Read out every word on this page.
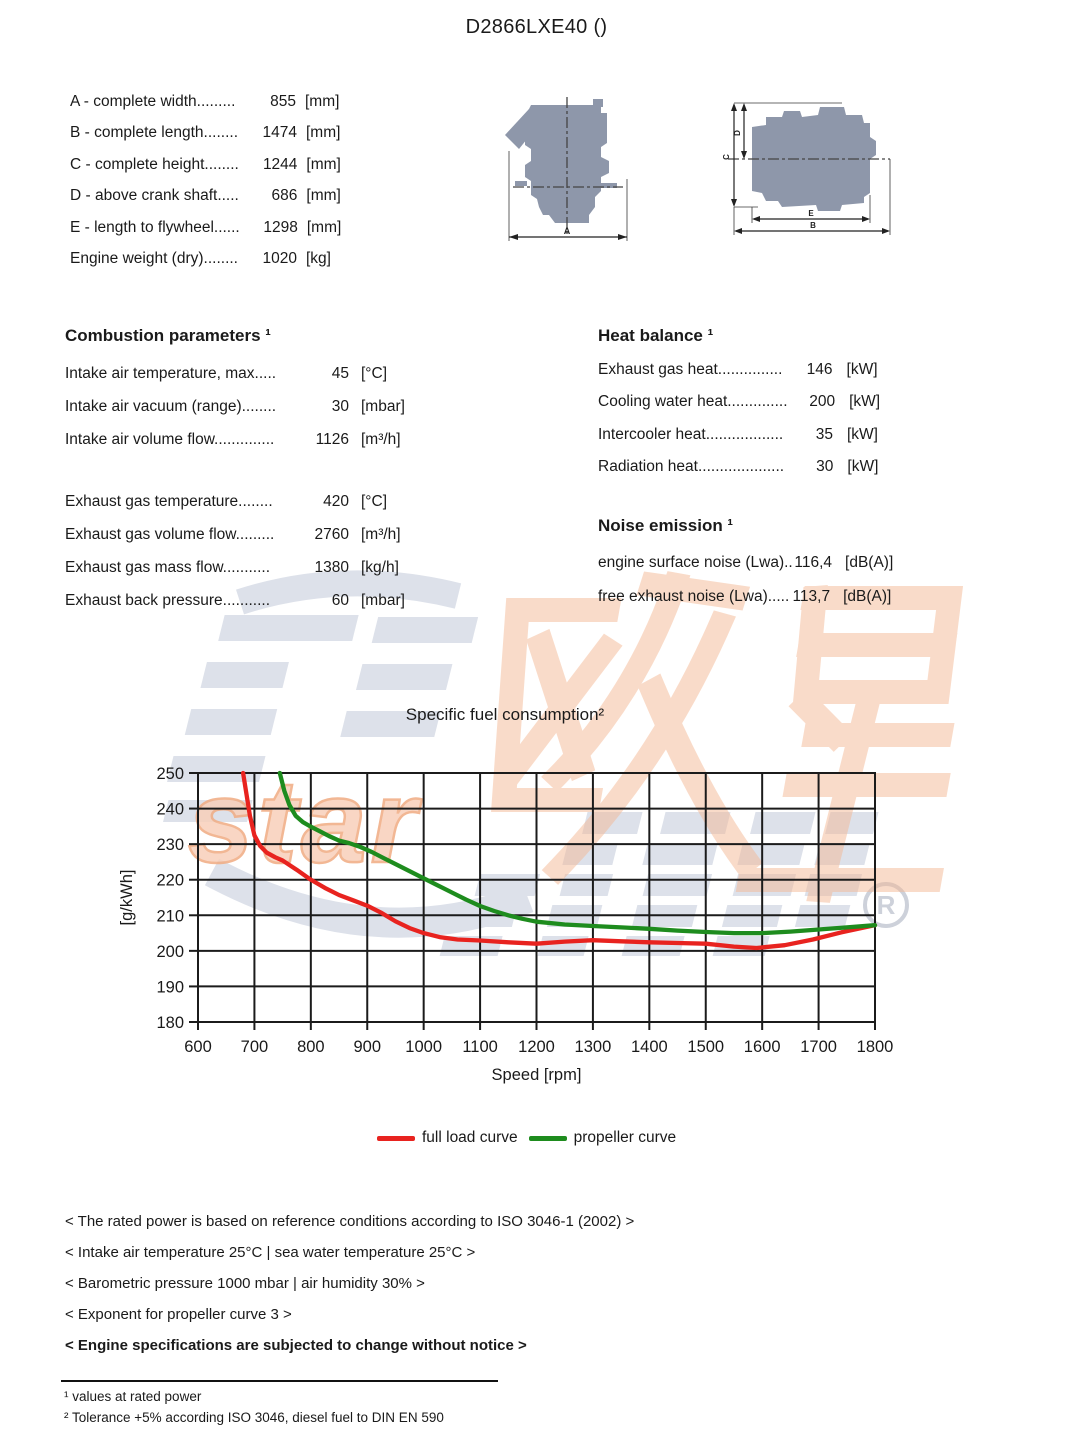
R
star
D2866LXE40 ()
A - complete width.........	855 [mm]
B - complete length........	1474 [mm]
C - complete height........	1244 [mm]
D - above crank shaft.....	686 [mm]
E - length to flywheel......	1298 [mm]
Engine weight (dry)........	1020 [kg]
A
C
D
E
B
Combustion parameters ¹
Intake air temperature, max.....	45 [°C]
Intake air vacuum (range)........	30 [mbar]
Intake air volume flow..............	1126 [m³/h]
Exhaust gas temperature........	420 [°C]
Exhaust gas volume flow.........	2760 [m³/h]
Exhaust gas mass flow...........	1380 [kg/h]
Exhaust back pressure...........	60 [mbar]
Heat balance ¹
Exhaust gas heat...............	146 [kW]
Cooling water heat..............	200 [kW]
Intercooler heat..................	35 [kW]
Radiation heat....................	30 [kW]
Noise emission ¹
engine surface noise (Lwa).. 116,4 [dB(A)]
free exhaust noise (Lwa)..... 113,7 [dB(A)]
Specific fuel consumption²
600 700 800 900 1000 1100 1200 1300 1400 1500 1600 1700 1800
180
190
200
210
220
230
240
250
[g/kWh]
Speed [rpm]
full load curve	propeller curve
< The rated power is based on reference conditions according to ISO 3046-1 (2002) >
< Intake air temperature 25°C | sea water temperature 25°C >
< Barometric pressure 1000 mbar | air humidity 30% >
< Exponent for propeller curve 3 >
< Engine specifications are subjected to change without notice >
¹ values at rated power
² Tolerance +5% according ISO 3046, diesel fuel to DIN EN 590
